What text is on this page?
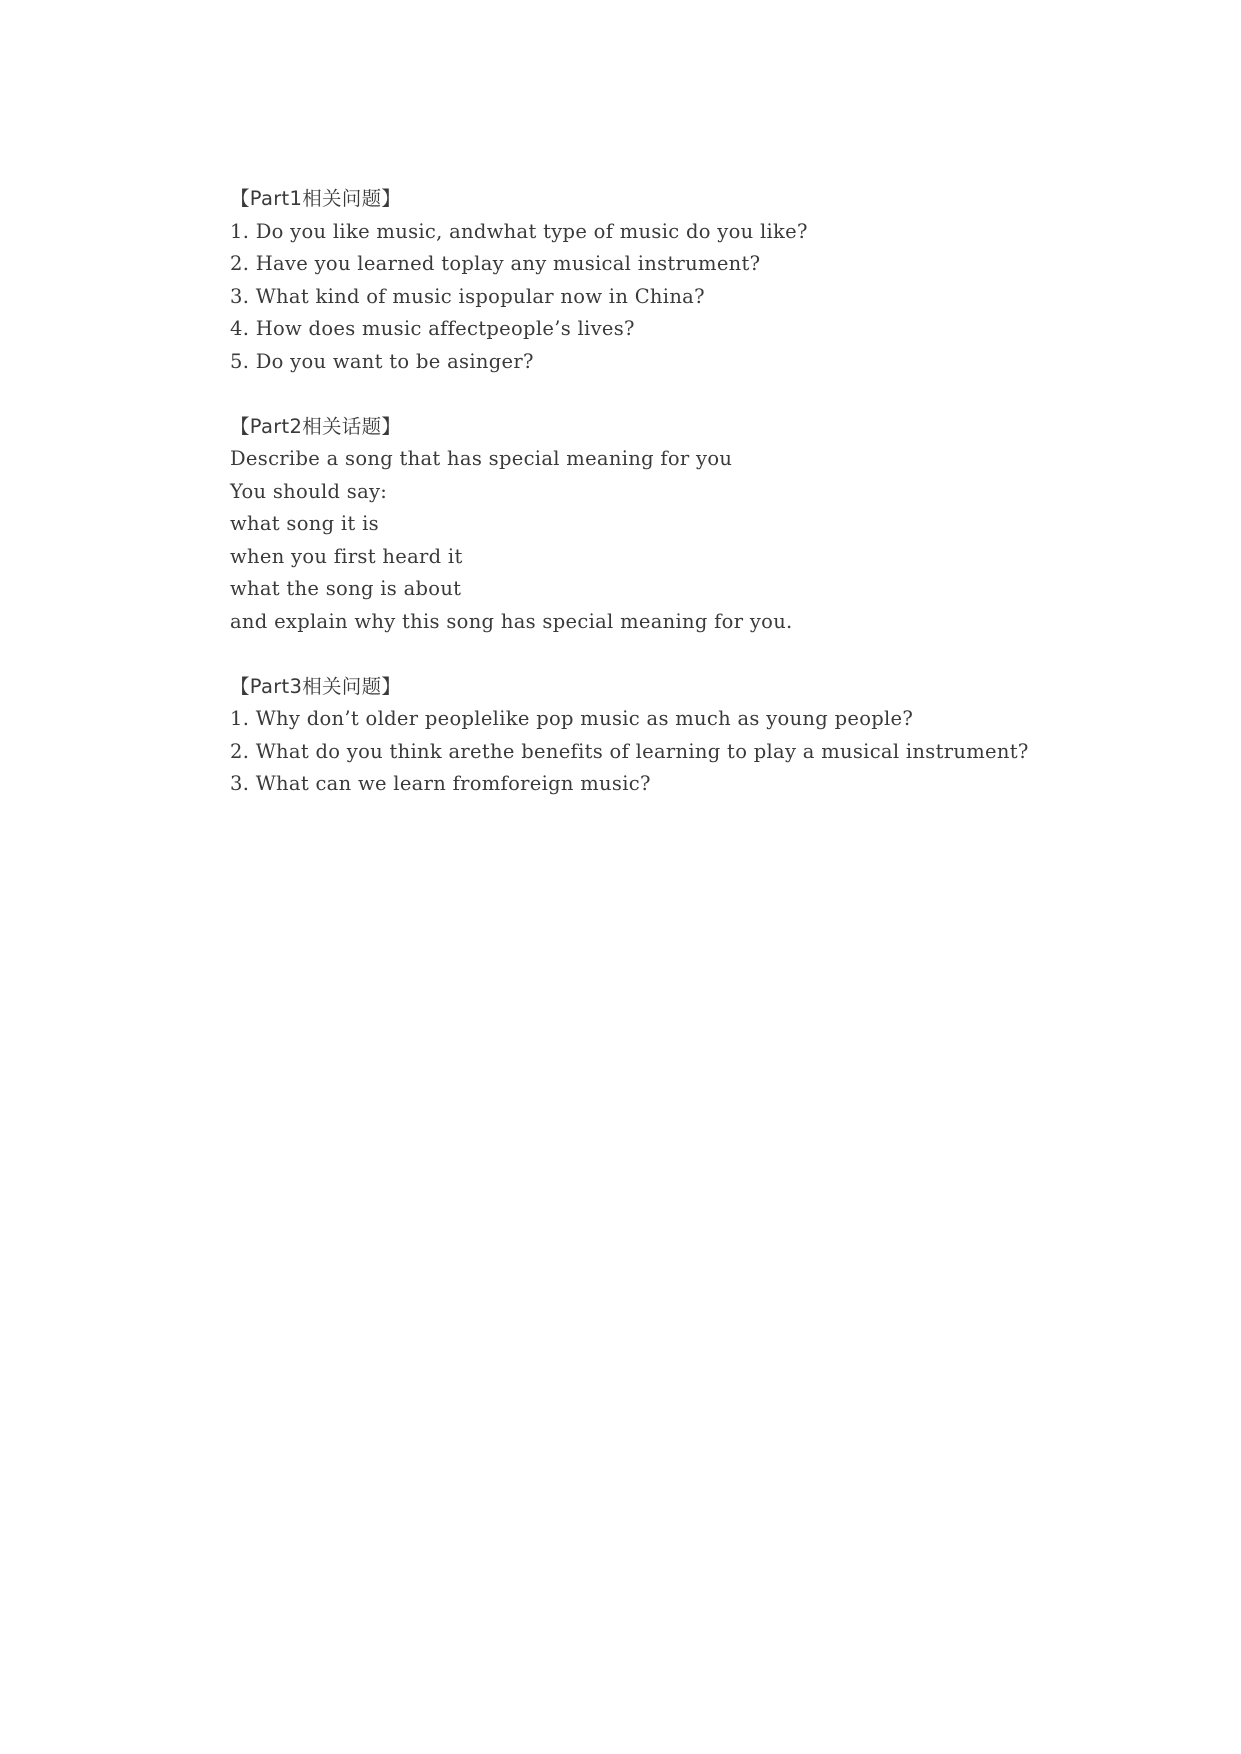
【Part1相关问题】
1. Do you like music, andwhat type of music do you like?
2. Have you learned toplay any musical instrument?
3. What kind of music ispopular now in China?
4. How does music affectpeople’s lives?
5. Do you want to be asinger?
【Part2相关话题】
Describe a song that has special meaning for you
You should say:
what song it is
when you first heard it
what the song is about
and explain why this song has special meaning for you.
【Part3相关问题】
1. Why don’t older peoplelike pop music as much as young people?
2. What do you think arethe benefits of learning to play a musical instrument?
3. What can we learn fromforeign music?
